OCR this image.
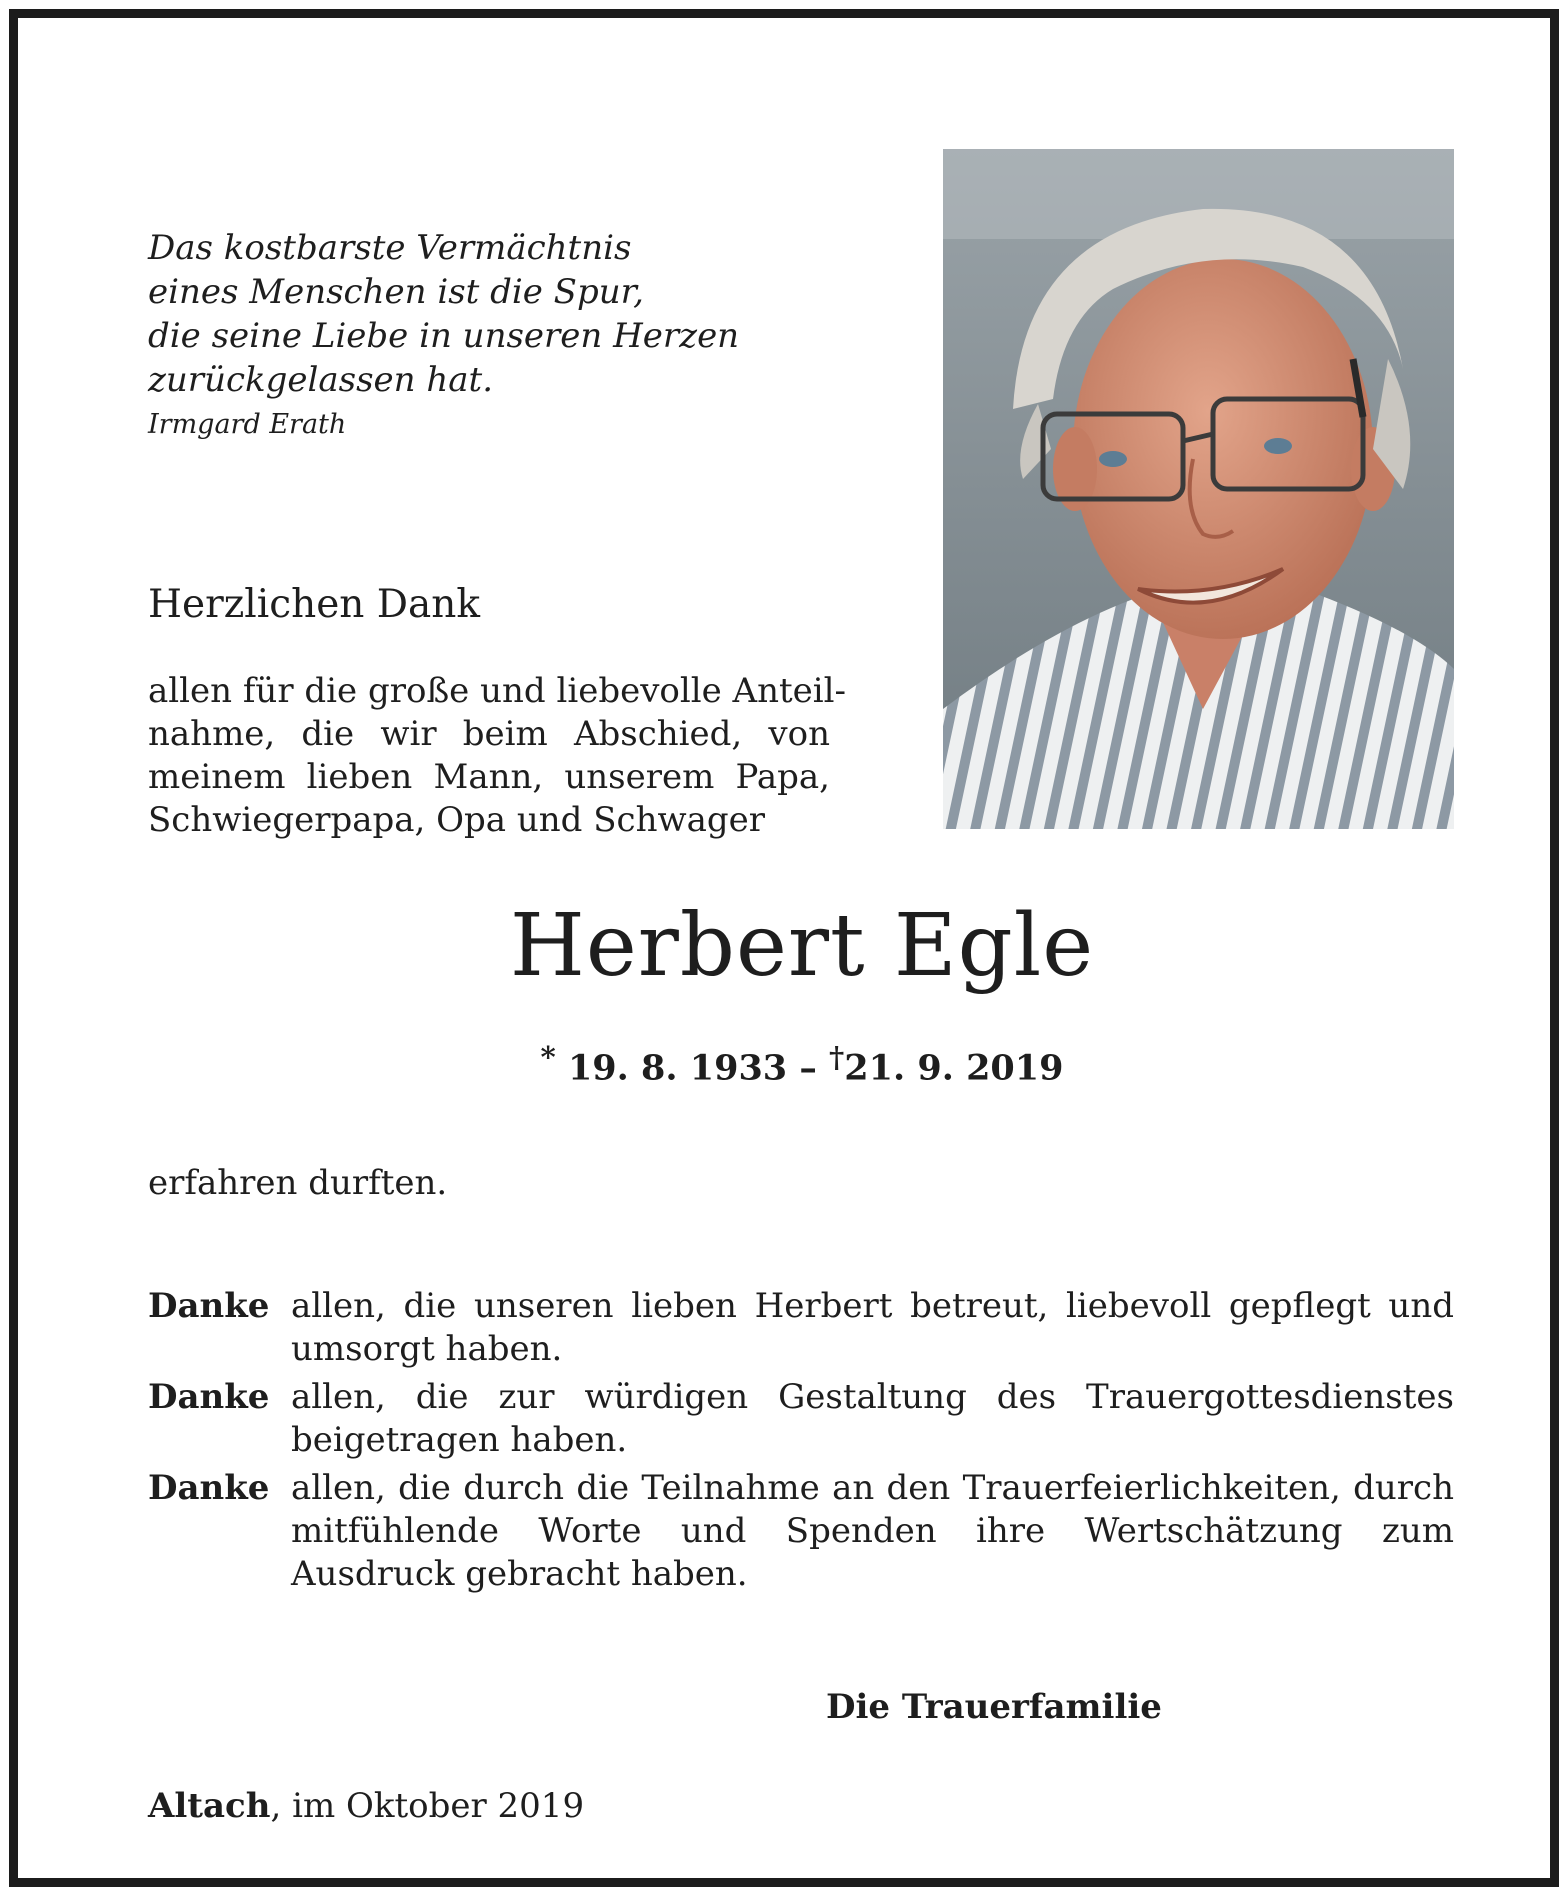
Das kostbarste Vermächtnis
eines Menschen ist die Spur,
die seine Liebe in unseren Herzen
zurückgelassen hat.
Irmgard Erath
Herzlichen Dank
allen für die große und liebevolle Anteil-
nahme, die wir beim Abschied, von
meinem lieben Mann, unserem Papa,
Schwiegerpapa, Opa und Schwager
Herbert Egle
* 19. 8. 1933 – †21. 9. 2019
erfahren durften.
Danke allen, die unseren lieben Herbert betreut, liebevoll gepflegt und umsorgt haben.
Danke allen, die zur würdigen Gestaltung des Trauergottesdienstes beigetragen haben.
Danke allen, die durch die Teilnahme an den Trauerfeierlichkeiten, durch mitfühlende Worte und Spenden ihre Wertschätzung zum Ausdruck gebracht haben.
Die Trauerfamilie
Altach, im Oktober 2019
